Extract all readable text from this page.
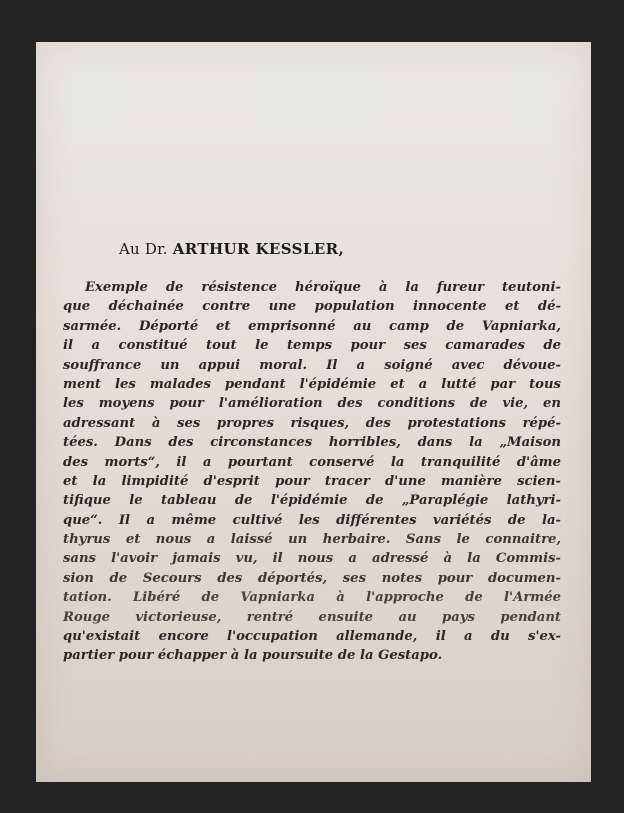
Au Dr. ARTHUR KESSLER,
Exemple de résistence héroïque à la fureur teutoni-
que déchainée contre une population innocente et dé-
sarmée. Déporté et emprisonné au camp de Vapniarka,
il a constitué tout le temps pour ses camarades de
souffrance un appui moral. Il a soigné avec dévoue-
ment les malades pendant l'épidémie et a lutté par tous
les moyens pour l'amélioration des conditions de vie, en
adressant à ses propres risques, des protestations répé-
tées. Dans des circonstances horribles, dans la „Maison
des morts“, il a pourtant conservé la tranquilité d'âme
et la limpidité d'esprit pour tracer d'une manière scien-
tifique le tableau de l'épidémie de „Paraplégie lathyri-
que“. Il a même cultivé les différentes variétés de la-
thyrus et nous a laissé un herbaire. Sans le connaitre,
sans l'avoir jamais vu, il nous a adressé à la Commis-
sion de Secours des déportés, ses notes pour documen-
tation. Libéré de Vapniarka à l'approche de l'Armée
Rouge victorieuse, rentré ensuite au pays pendant
qu'existait encore l'occupation allemande, il a du s'ex-
partier pour échapper à la poursuite de la Gestapo.
